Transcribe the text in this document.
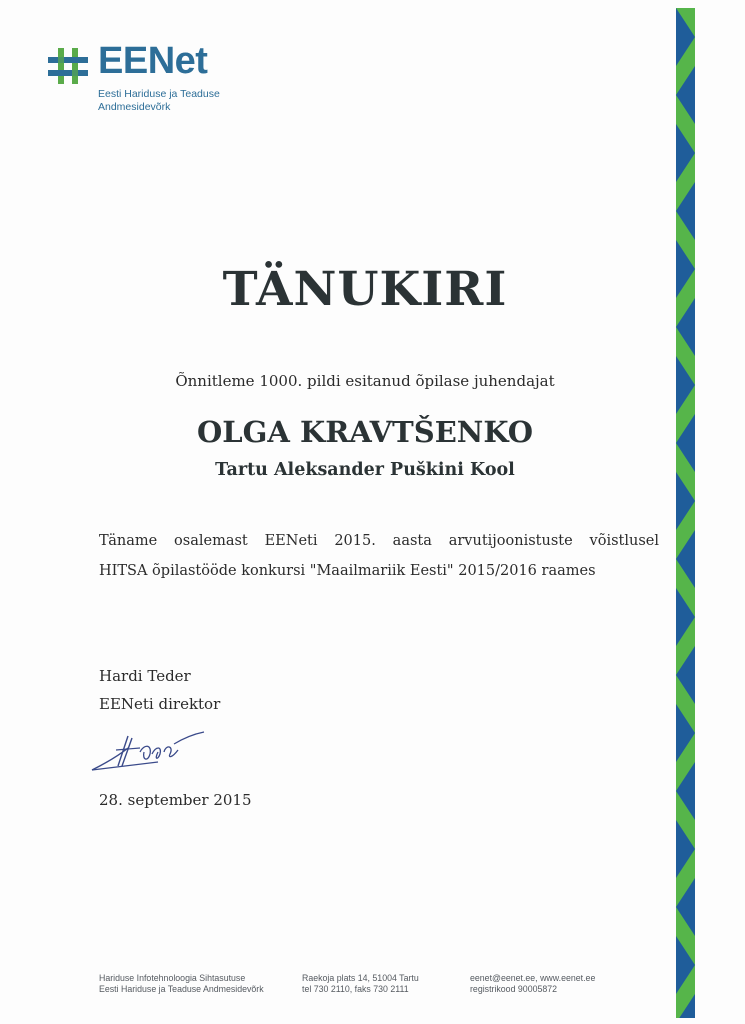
EENet
Eesti Hariduse ja Teaduse
Andmesidevõrk
TÄNUKIRI
Õnnitleme 1000. pildi esitanud õpilase juhendajat
OLGA KRAVTŠENKO
Tartu Aleksander Puškini Kool
Täname osalemast EENeti 2015. aasta arvutijoonistuste võistlusel
HITSA õpilastööde konkursi "Maailmariik Eesti" 2015/2016 raames
Hardi Teder
EENeti direktor
28. september 2015
Hariduse Infotehnoloogia Sihtasutuse
Eesti Hariduse ja Teaduse Andmesidevõrk
Raekoja plats 14, 51004 Tartu
tel 730 2110, faks 730 2111
eenet@eenet.ee, www.eenet.ee
registrikood 90005872
